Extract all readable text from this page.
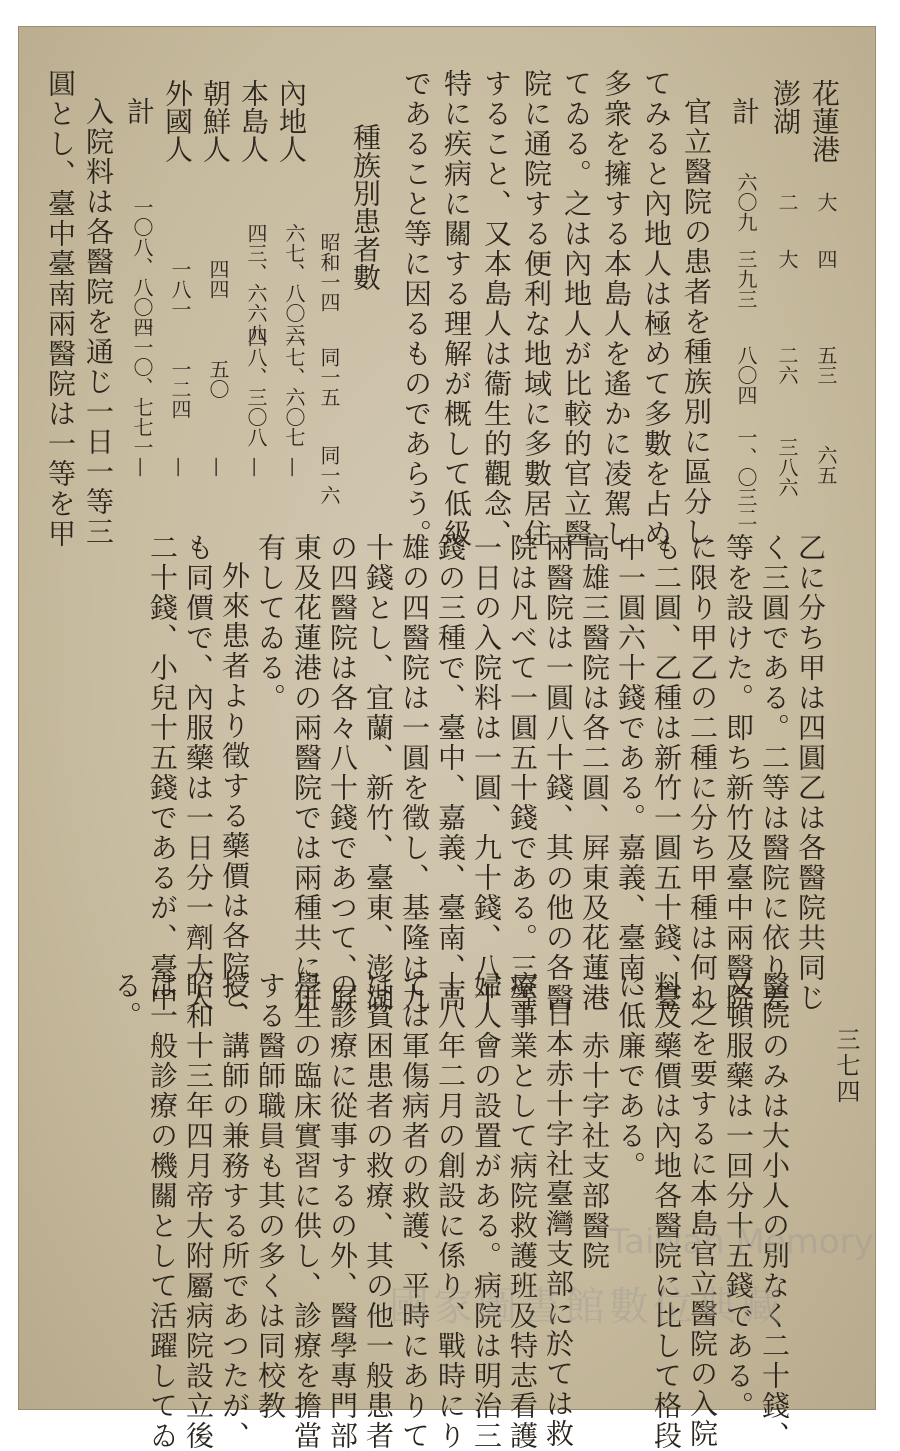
花蓮港
大
四
五三
六五
澎湖
二
大
二六
三八六
計
六〇九
三九三
八〇四
一、〇三二

官立醫院の患者を種族別に區分し

てみると內地人は極めて多數を占め

多衆を擁する本島人を遙かに凌駕し

てゐる。之は內地人が比較的官立醫

院に通院する便利な地域に多數居住

すること、又本島人は衞生的觀念、

特に疾病に關する理解が概して低級

であること等に因るものであらう。

種族別患者數
昭和一四
同一五
同一六
內地人
六七、八〇三
六七、六〇七
—
本島人
四三、六六八
四八、三〇八
—
朝鮮人
四四
五〇
—
外國人
一八一
一二四
—
計
一〇八、八〇四
一一〇、七七一
—

入院料は各醫院を通じ一日一等三

圓とし、臺中臺南兩醫院は一等を甲

乙に分ち甲は四圓乙は各醫院共同じ

く三圓である。二等は醫院に依り差

等を設けた。即ち新竹及臺中兩醫院

に限り甲乙の二種に分ち甲種は何れ

も二圓、乙種は新竹一圓五十錢、臺

中一圓六十錢である。嘉義、臺南、

高雄三醫院は各二圓、屛東及花蓮港

兩醫院は一圓八十錢、其の他の各醫

院は凡べて一圓五十錢である。三等

一日の入院料は一圓、九十錢、八十

錢の三種で、臺中、嘉義、臺南、高

雄の四醫院は一圓を徵し、基隆は九

十錢とし、宜蘭、新竹、臺東、澎湖

の四醫院は各々八十錢であつて、屛

東及花蓮港の兩醫院では兩種共に併

有してゐる。

外來患者より徵する藥價は各院と

も同價で、內服藥は一日分一劑大人

二十錢、小兒十五錢であるが、臺中

醫院のみは大小人の別なく二十錢、

又頓服藥は一回分十五錢である。

之を要するに本島官立醫院の入院

料及藥價は內地各醫院に比して格段

に低廉である。

二、赤十字社支部醫院

日本赤十字社臺灣支部に於ては救

療事業として病院救護班及特志看護

婦人會の設置がある。病院は明治三

十八年二月の創設に係り、戰時にり

ては軍傷病者の救護、平時にありて

は貧困患者の救療、其の他一般患者

の診療に從事するの外、醫學專門部

學生の臨床實習に供し、診療を擔當

する醫師職員も其の多くは同校教

授、講師の兼務する所であつたが、

昭和十三年四月帝大附屬病院設立後

は一般診療の機關として活躍してゐ

る。

三七四
Taiwan Memory
國家圖書館數位典藏
